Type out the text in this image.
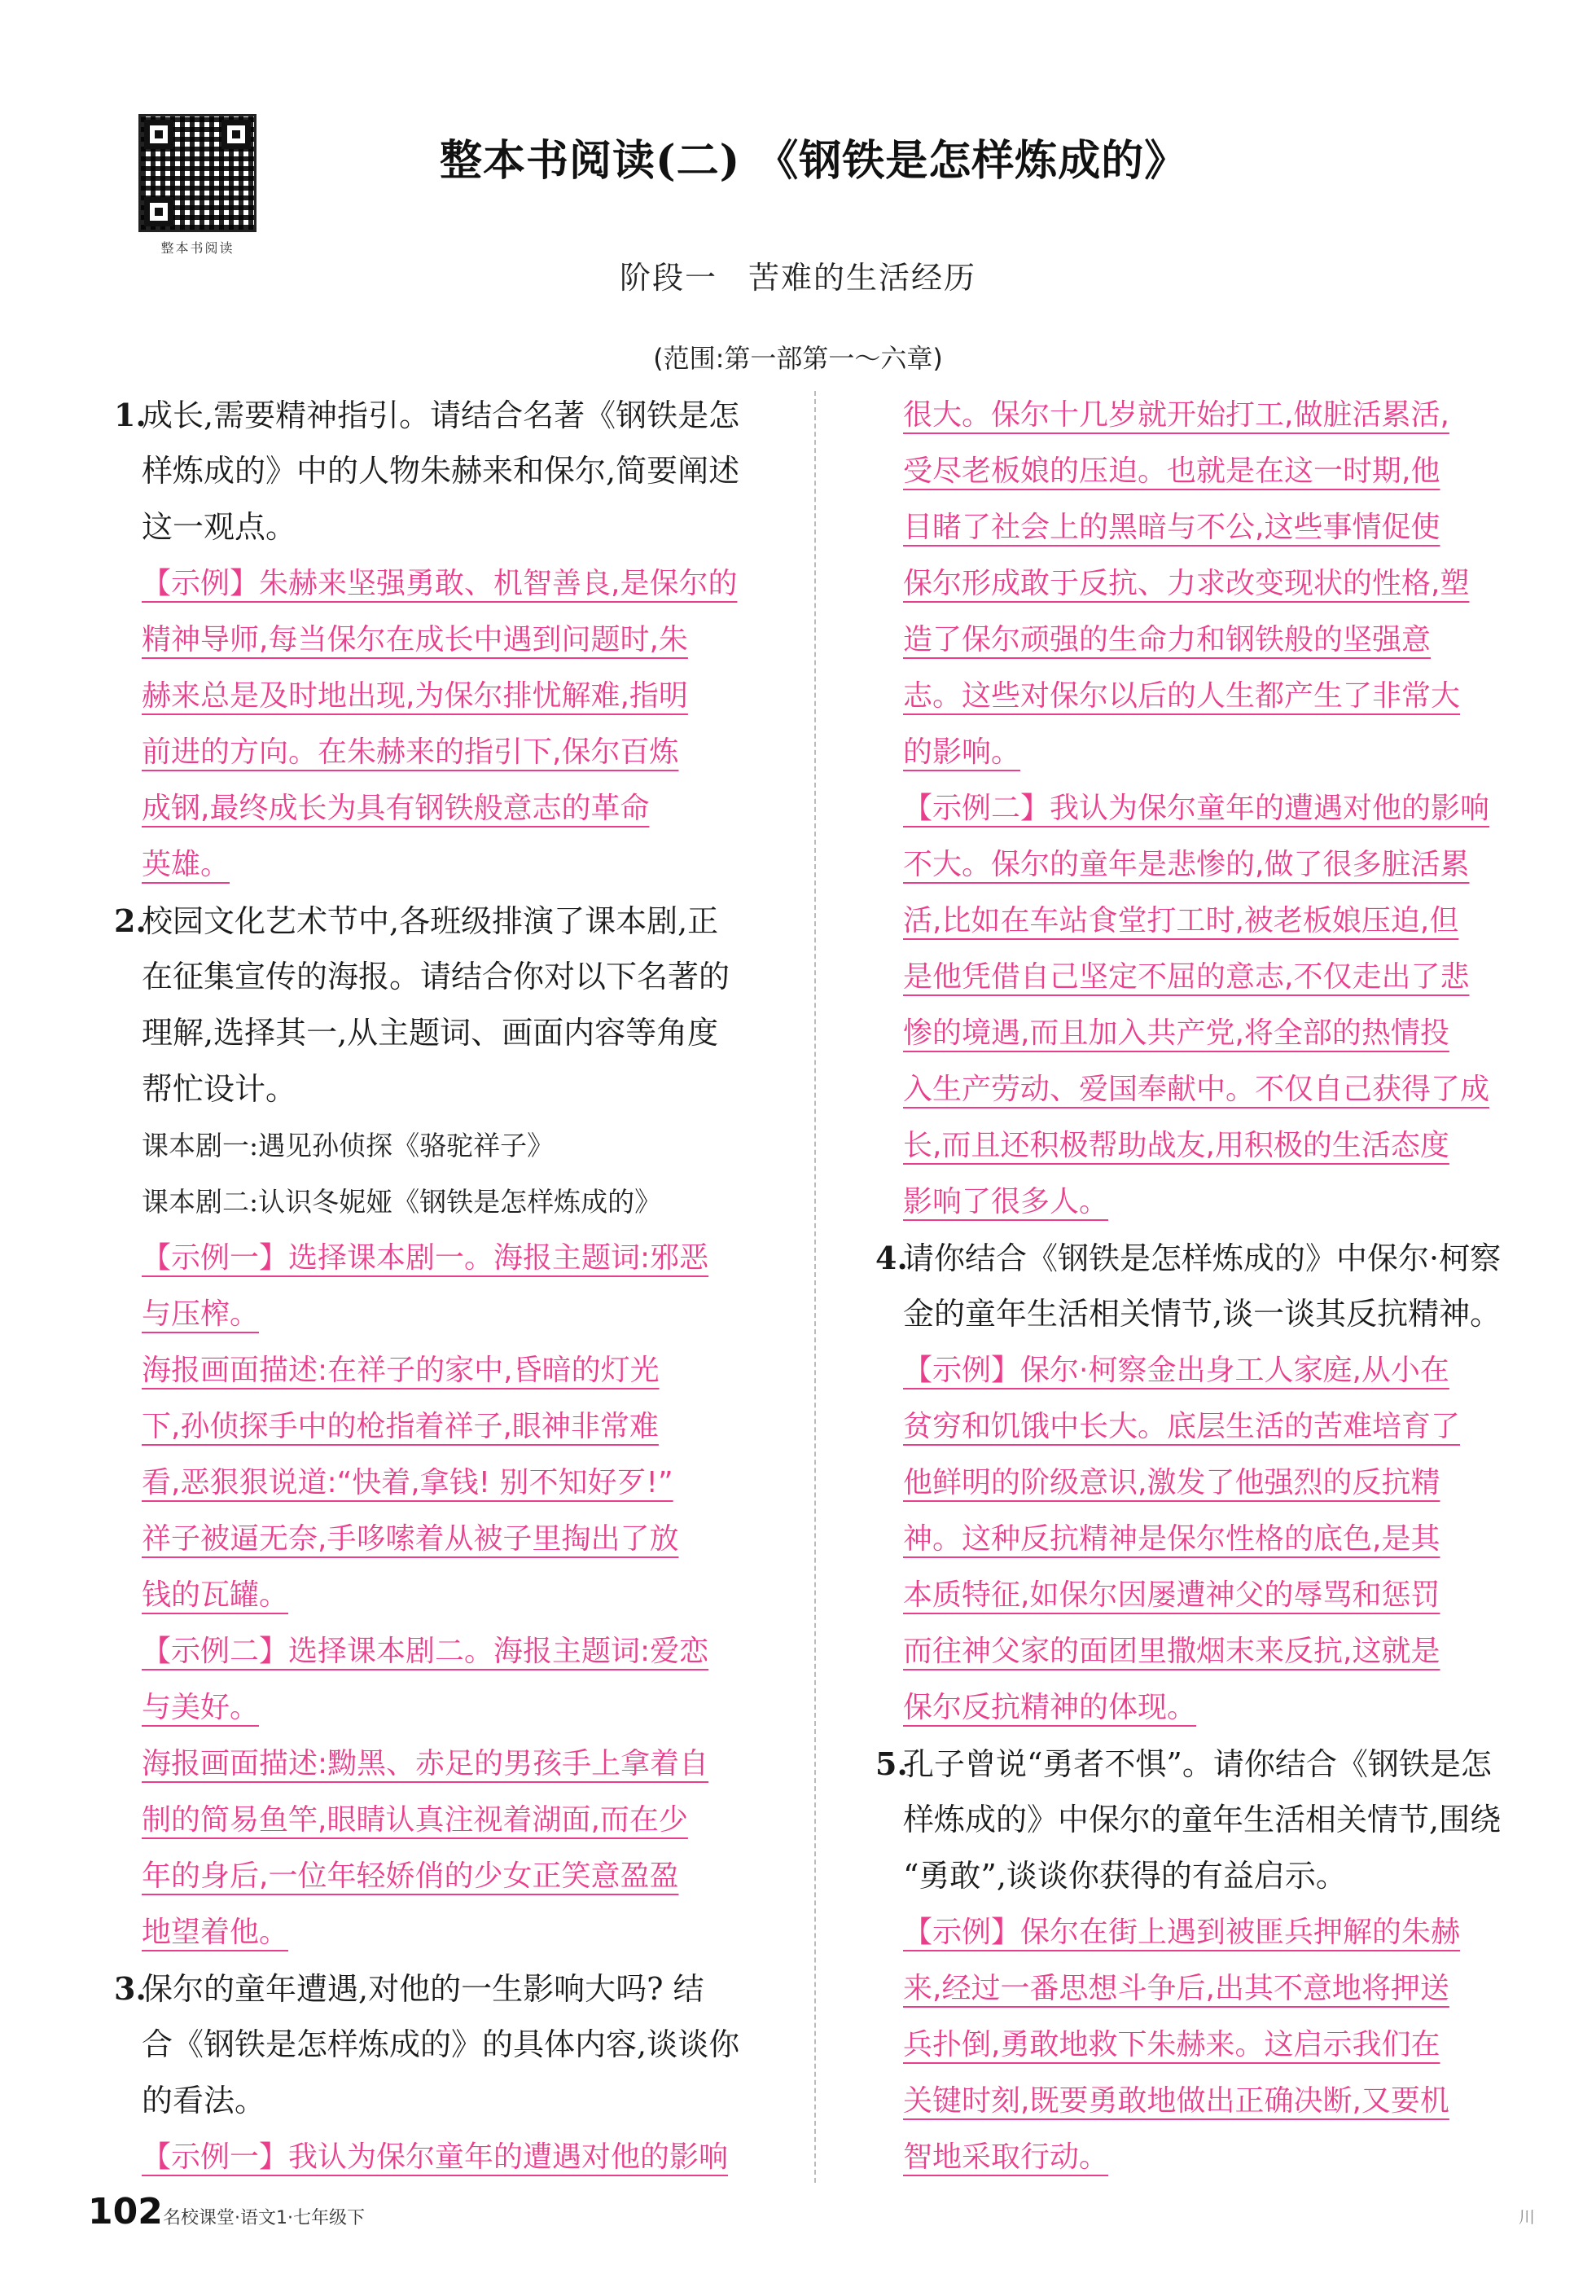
整本书阅读
整本书阅读(二) 《钢铁是怎样炼成的》
阶段一 苦难的生活经历
(范围:第一部第一～六章)
1.成长,需要精神指引。请结合名著《钢铁是怎
样炼成的》中的人物朱赫来和保尔,简要阐述
这一观点。
【示例】朱赫来坚强勇敢、机智善良,是保尔的
精神导师,每当保尔在成长中遇到问题时,朱
赫来总是及时地出现,为保尔排忧解难,指明
前进的方向。在朱赫来的指引下,保尔百炼
成钢,最终成长为具有钢铁般意志的革命
英雄。
2.校园文化艺术节中,各班级排演了课本剧,正
在征集宣传的海报。请结合你对以下名著的
理解,选择其一,从主题词、画面内容等角度
帮忙设计。
课本剧一:遇见孙侦探《骆驼祥子》
课本剧二:认识冬妮娅《钢铁是怎样炼成的》
【示例一】选择课本剧一。海报主题词:邪恶
与压榨。
海报画面描述:在祥子的家中,昏暗的灯光
下,孙侦探手中的枪指着祥子,眼神非常难
看,恶狠狠说道:“快着,拿钱! 别不知好歹!”
祥子被逼无奈,手哆嗦着从被子里掏出了放
钱的瓦罐。
【示例二】选择课本剧二。海报主题词:爱恋
与美好。
海报画面描述:黝黑、赤足的男孩手上拿着自
制的简易鱼竿,眼睛认真注视着湖面,而在少
年的身后,一位年轻娇俏的少女正笑意盈盈
地望着他。
3.保尔的童年遭遇,对他的一生影响大吗? 结
合《钢铁是怎样炼成的》的具体内容,谈谈你
的看法。
【示例一】我认为保尔童年的遭遇对他的影响
很大。保尔十几岁就开始打工,做脏活累活,
受尽老板娘的压迫。也就是在这一时期,他
目睹了社会上的黑暗与不公,这些事情促使
保尔形成敢于反抗、力求改变现状的性格,塑
造了保尔顽强的生命力和钢铁般的坚强意
志。这些对保尔以后的人生都产生了非常大
的影响。
【示例二】我认为保尔童年的遭遇对他的影响
不大。保尔的童年是悲惨的,做了很多脏活累
活,比如在车站食堂打工时,被老板娘压迫,但
是他凭借自己坚定不屈的意志,不仅走出了悲
惨的境遇,而且加入共产党,将全部的热情投
入生产劳动、爱国奉献中。不仅自己获得了成
长,而且还积极帮助战友,用积极的生活态度
影响了很多人。
4.请你结合《钢铁是怎样炼成的》中保尔·柯察
金的童年生活相关情节,谈一谈其反抗精神。
【示例】保尔·柯察金出身工人家庭,从小在
贫穷和饥饿中长大。底层生活的苦难培育了
他鲜明的阶级意识,激发了他强烈的反抗精
神。这种反抗精神是保尔性格的底色,是其
本质特征,如保尔因屡遭神父的辱骂和惩罚
而往神父家的面团里撒烟末来反抗,这就是
保尔反抗精神的体现。
5.孔子曾说“勇者不惧”。请你结合《钢铁是怎
样炼成的》中保尔的童年生活相关情节,围绕
“勇敢”,谈谈你获得的有益启示。
【示例】保尔在街上遇到被匪兵押解的朱赫
来,经过一番思想斗争后,出其不意地将押送
兵扑倒,勇敢地救下朱赫来。这启示我们在
关键时刻,既要勇敢地做出正确决断,又要机
智地采取行动。
102 名校课堂·语文1·七年级下	川
